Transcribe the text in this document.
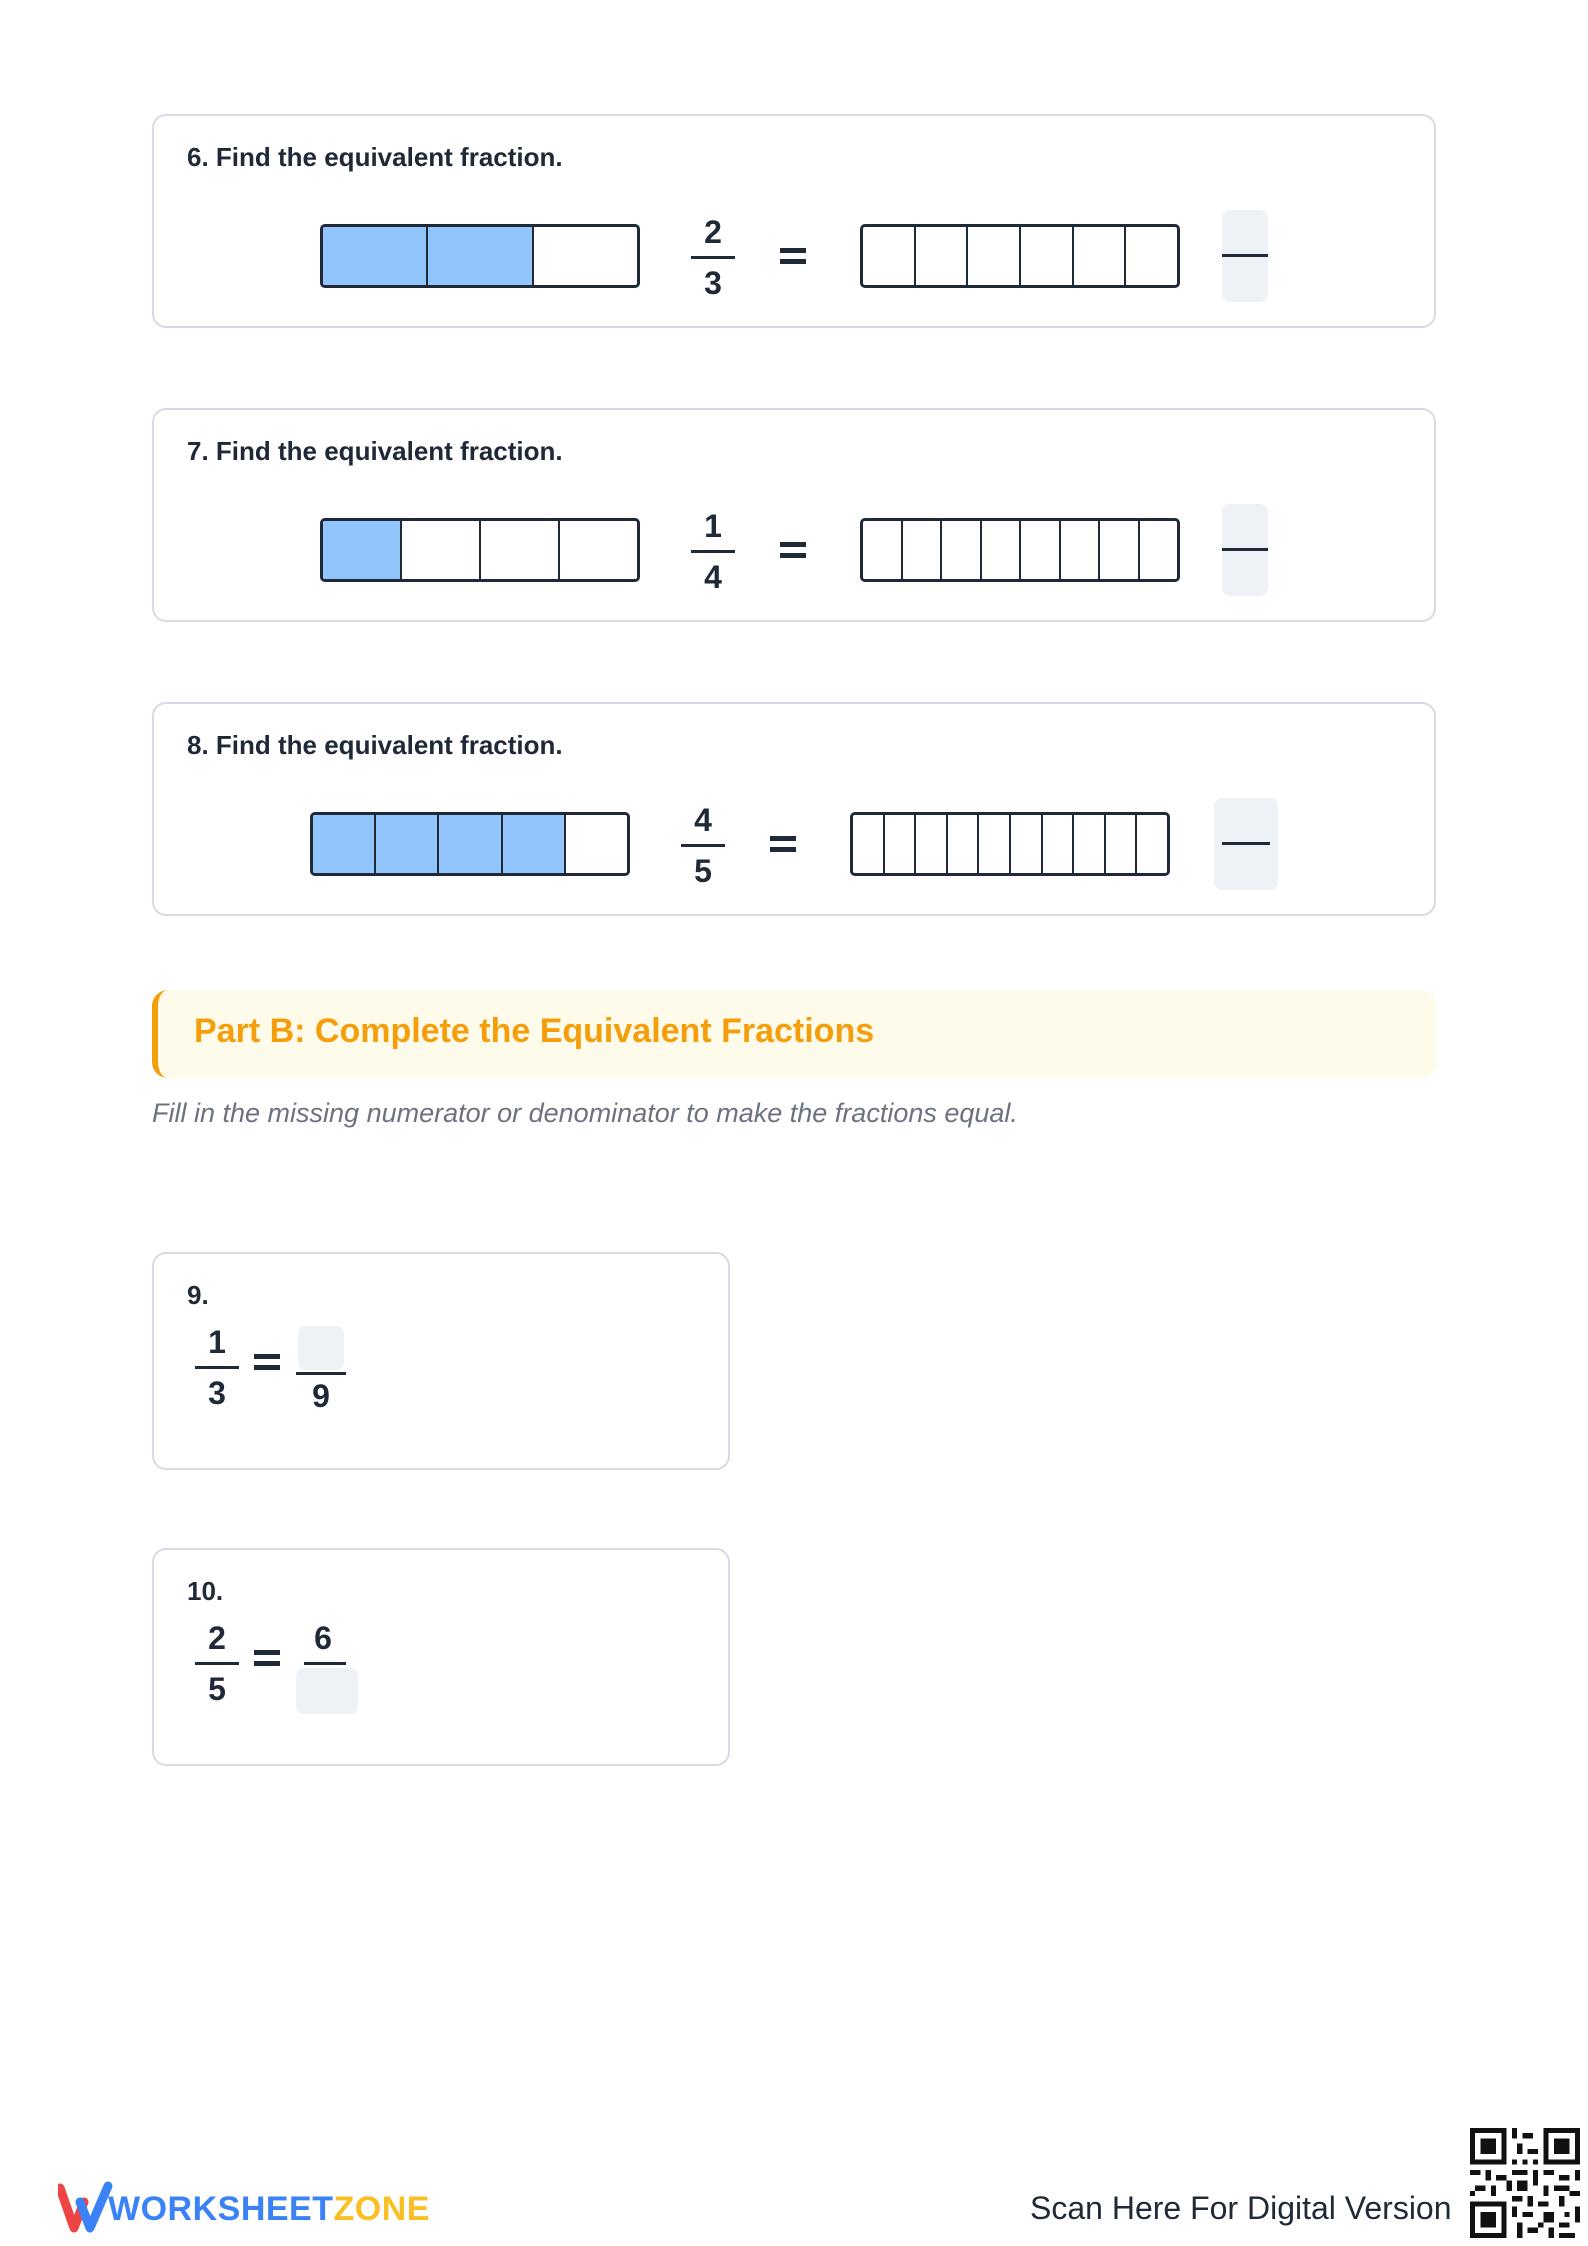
6. Find the equivalent fraction.
2
3
7. Find the equivalent fraction.
1
4
8. Find the equivalent fraction.
4
5
Part B: Complete the Equivalent Fractions
Fill in the missing numerator or denominator to make the fractions equal.
9.
1
3	9
10.
2
5
6
WORKSHEETZONE	Scan Here For Digital Version
